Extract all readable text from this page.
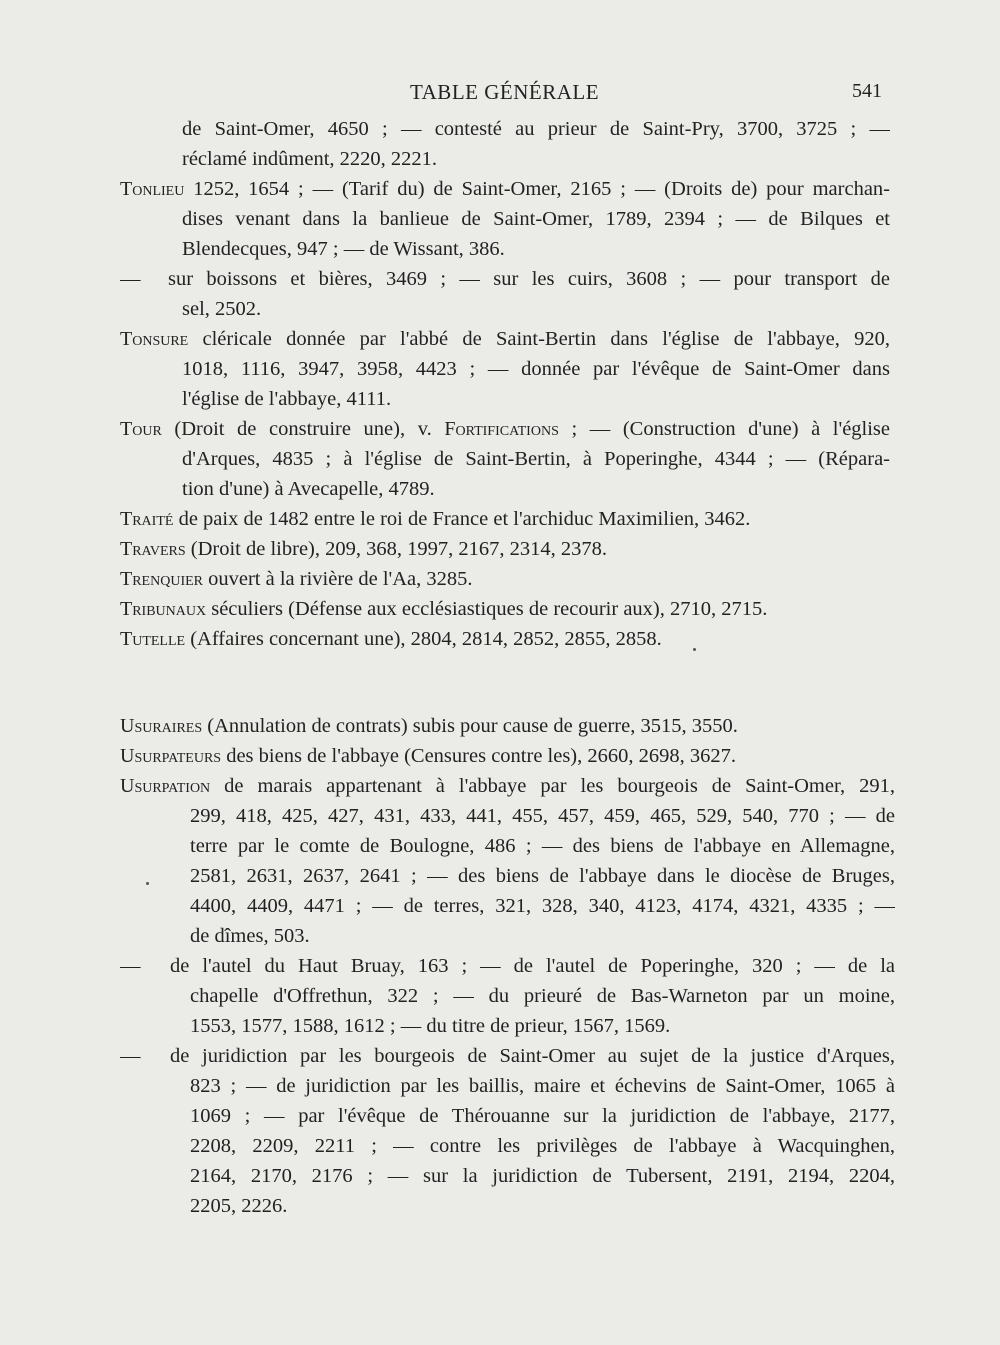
TABLE GÉNÉRALE	541
de Saint-Omer, 4650 ; — contesté au prieur de Saint-Pry, 3700, 3725 ; —
réclamé indûment, 2220, 2221.
Tonlieu 1252, 1654 ; — (Tarif du) de Saint-Omer, 2165 ; — (Droits de) pour marchan-
dises venant dans la banlieue de Saint-Omer, 1789, 2394 ; — de Bilques et
Blendecques, 947 ; — de Wissant, 386.
— sur boissons et bières, 3469 ; — sur les cuirs, 3608 ; — pour transport de
sel, 2502.
Tonsure cléricale donnée par l'abbé de Saint-Bertin dans l'église de l'abbaye, 920,
1018, 1116, 3947, 3958, 4423 ; — donnée par l'évêque de Saint-Omer dans
l'église de l'abbaye, 4111.
Tour (Droit de construire une), v. Fortifications ; — (Construction d'une) à l'église
d'Arques, 4835 ; à l'église de Saint-Bertin, à Poperinghe, 4344 ; — (Répara-
tion d'une) à Avecapelle, 4789.
Traité de paix de 1482 entre le roi de France et l'archiduc Maximilien, 3462.
Travers (Droit de libre), 209, 368, 1997, 2167, 2314, 2378.
Trenquier ouvert à la rivière de l'Aa, 3285.
Tribunaux séculiers (Défense aux ecclésiastiques de recourir aux), 2710, 2715.
Tutelle (Affaires concernant une), 2804, 2814, 2852, 2855, 2858.
Usuraires (Annulation de contrats) subis pour cause de guerre, 3515, 3550.
Usurpateurs des biens de l'abbaye (Censures contre les), 2660, 2698, 3627.
Usurpation de marais appartenant à l'abbaye par les bourgeois de Saint-Omer, 291,
299, 418, 425, 427, 431, 433, 441, 455, 457, 459, 465, 529, 540, 770 ; — de
terre par le comte de Boulogne, 486 ; — des biens de l'abbaye en Allemagne,
2581, 2631, 2637, 2641 ; — des biens de l'abbaye dans le diocèse de Bruges,
4400, 4409, 4471 ; — de terres, 321, 328, 340, 4123, 4174, 4321, 4335 ; —
de dîmes, 503.
— de l'autel du Haut Bruay, 163 ; — de l'autel de Poperinghe, 320 ; — de la
chapelle d'Offrethun, 322 ; — du prieuré de Bas-Warneton par un moine,
1553, 1577, 1588, 1612 ; — du titre de prieur, 1567, 1569.
— de juridiction par les bourgeois de Saint-Omer au sujet de la justice d'Arques,
823 ; — de juridiction par les baillis, maire et échevins de Saint-Omer, 1065 à
1069 ; — par l'évêque de Thérouanne sur la juridiction de l'abbaye, 2177,
2208, 2209, 2211 ; — contre les privilèges de l'abbaye à Wacquinghen,
2164, 2170, 2176 ; — sur la juridiction de Tubersent, 2191, 2194, 2204,
2205, 2226.
